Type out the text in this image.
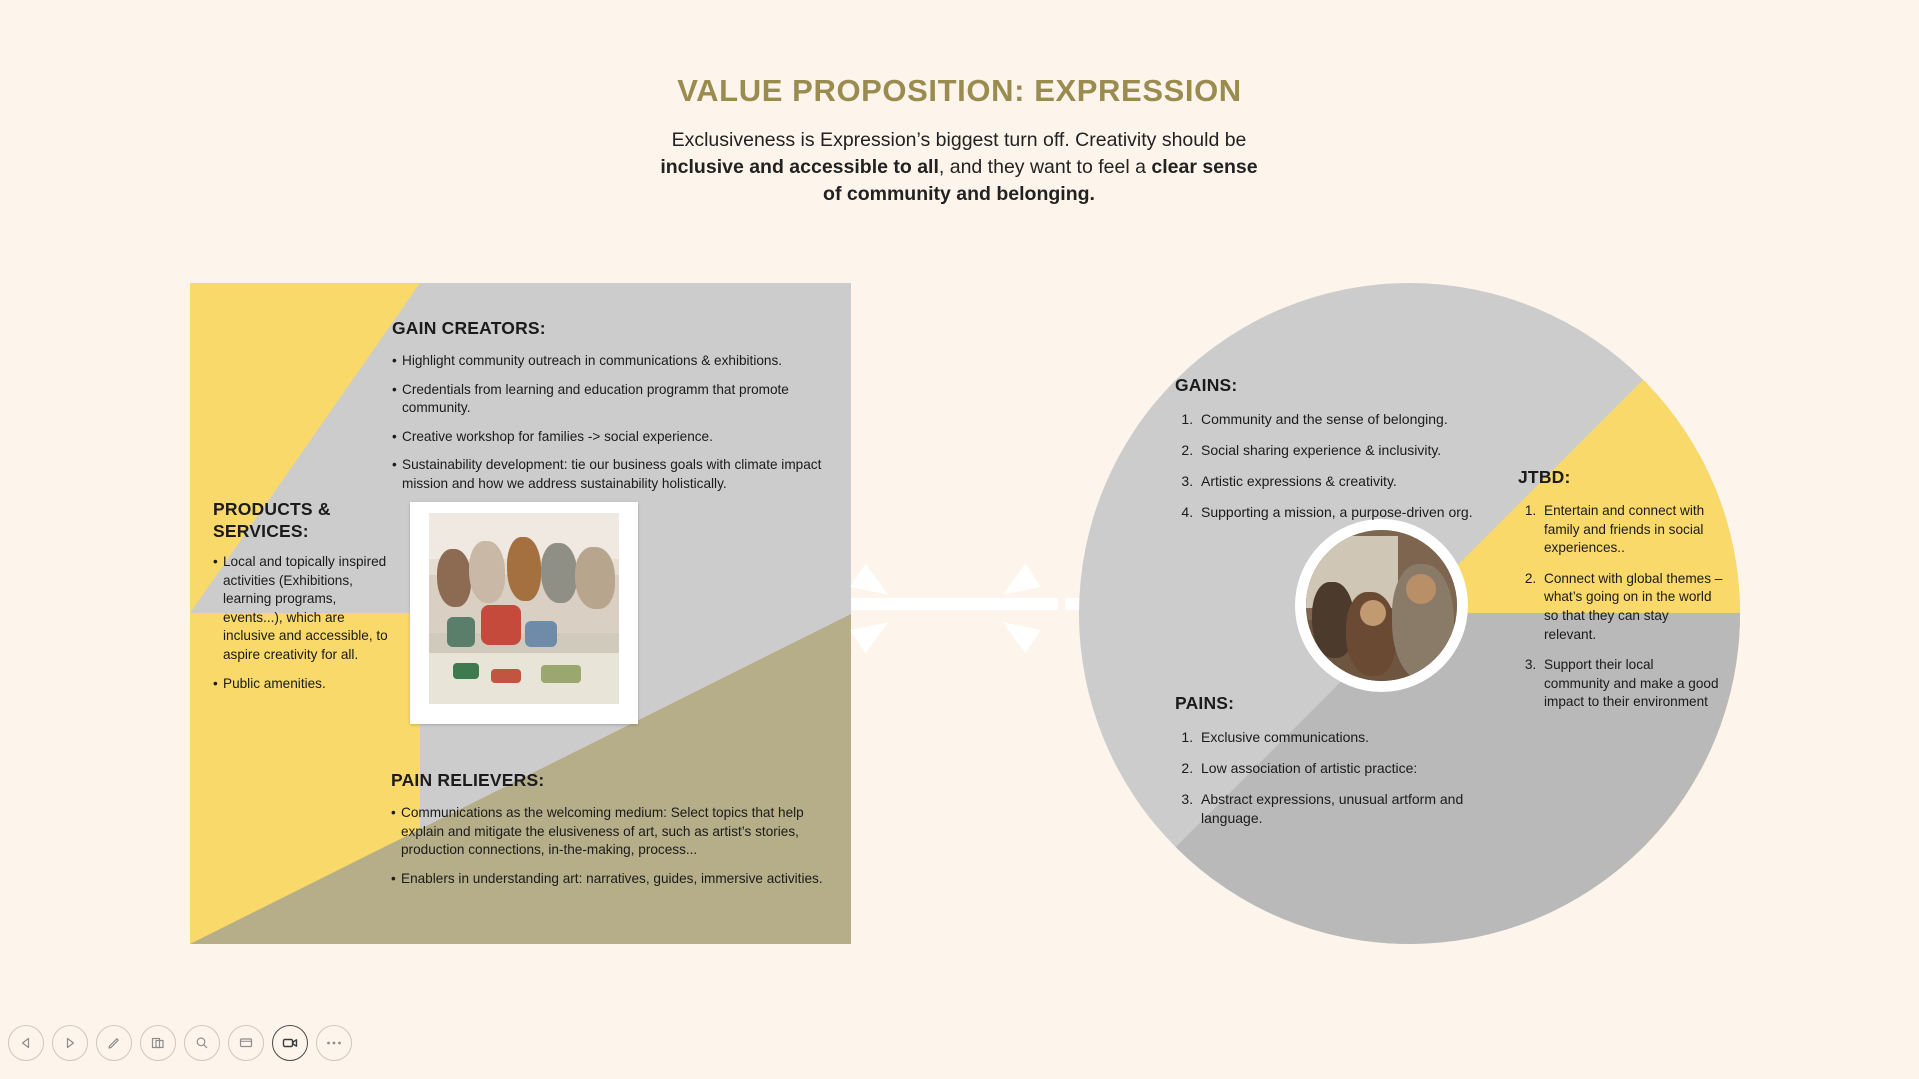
VALUE PROPOSITION: EXPRESSION
Exclusiveness is Expression’s biggest turn off. Creativity should be inclusive and accessible to all, and they want to feel a clear sense of community and belonging.
GAIN CREATORS:
• Highlight community outreach in communications & exhibitions.
• Credentials from learning and education programm that promote community.
• Creative workshop for families -> social experience.
• Sustainability development: tie our business goals with climate impact mission and how we address sustainability holistically.
PRODUCTS & SERVICES:
• Local and topically inspired activities (Exhibitions, learning programs, events...), which are inclusive and accessible, to aspire creativity for all.
• Public amenities.
PAIN RELIEVERS:
• Communications as the welcoming medium: Select topics that help explain and mitigate the elusiveness of art, such as artist’s stories, production connections, in-the-making, process...
• Enablers in understanding art: narratives, guides, immersive activities.
GAINS:
1. Community and the sense of belonging.
2. Social sharing experience & inclusivity.
3. Artistic expressions & creativity.
4. Supporting a mission, a purpose-driven org.
JTBD:
1. Entertain and connect with family and friends in social experiences..
2. Connect with global themes – what’s going on in the world so that they can stay relevant.
3. Support their local community and make a good impact to their environment
PAINS:
1. Exclusive communications.
2. Low association of artistic practice:
3. Abstract expressions, unusual artform and language.
